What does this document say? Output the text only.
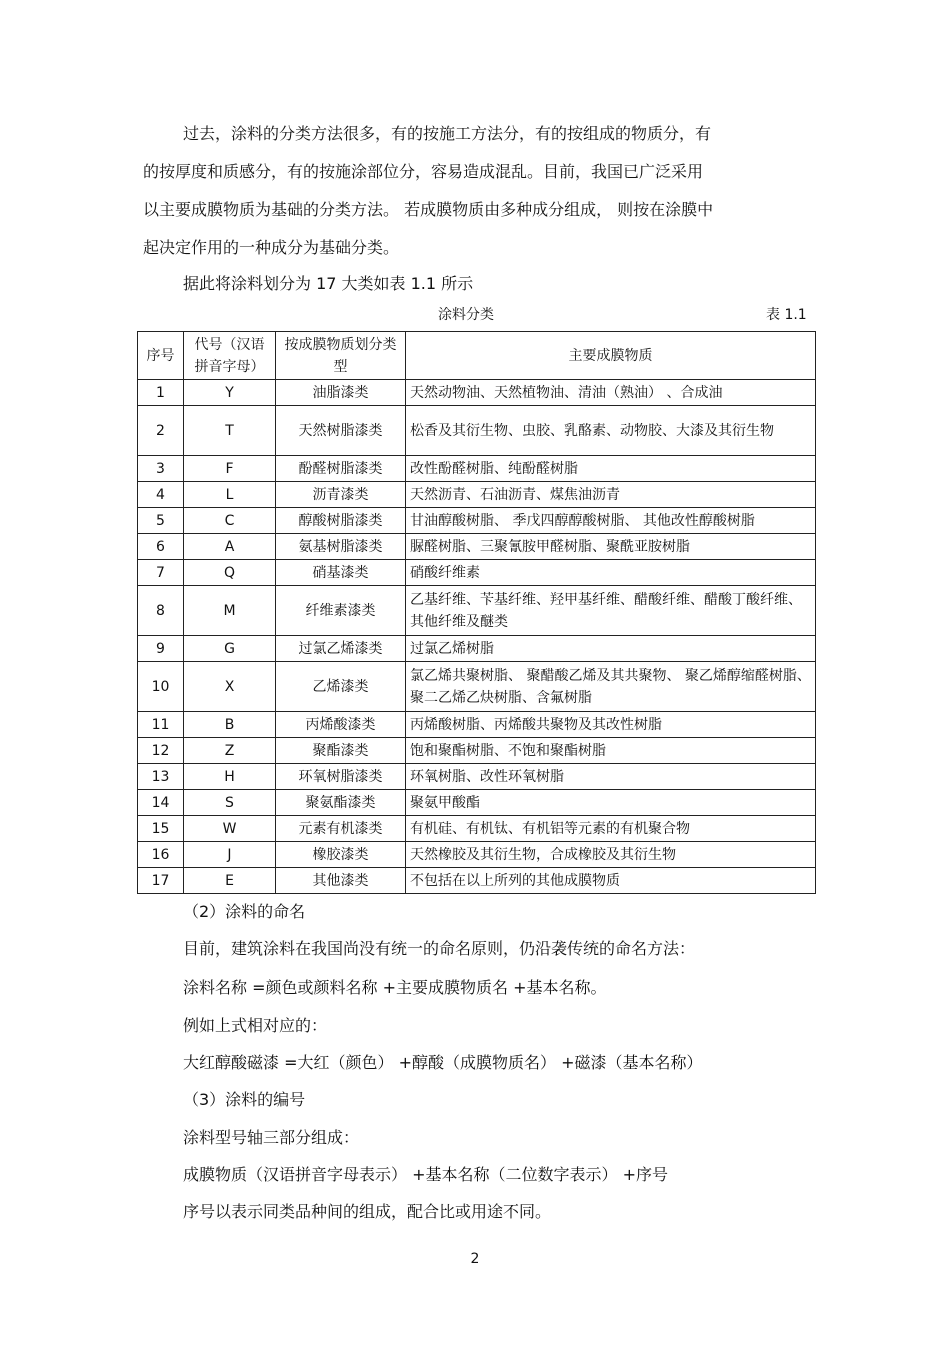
过去，涂料的分类方法很多，有的按施工方法分，有的按组成的物质分，有
的按厚度和质感分，有的按施涂部位分，容易造成混乱。目前，我国已广泛采用
以主要成膜物质为基础的分类方法。 若成膜物质由多种成分组成， 则按在涂膜中
起决定作用的一种成分为基础分类。
据此将涂料划分为 17 大类如表 1.1 所示
涂料分类	表 1.1
序号	代号（汉语拼音字母）	按成膜物质划分类型	主要成膜物质
1	Y	油脂漆类	天然动物油、天然植物油、清油（熟油） 、合成油
2	T	天然树脂漆类	松香及其衍生物、虫胶、乳酪素、动物胶、大漆及其衍生物
3	F	酚醛树脂漆类	改性酚醛树脂、纯酚醛树脂
4	L	沥青漆类	天然沥青、石油沥青、煤焦油沥青
5	C	醇酸树脂漆类	甘油醇酸树脂、 季戊四醇醇酸树脂、 其他改性醇酸树脂
6	A	氨基树脂漆类	脲醛树脂、三聚氰胺甲醛树脂、聚酰亚胺树脂
7	Q	硝基漆类	硝酸纤维素
8	M	纤维素漆类	乙基纤维、苄基纤维、羟甲基纤维、醋酸纤维、醋酸丁酸纤维、其他纤维及醚类
9	G	过氯乙烯漆类	过氯乙烯树脂
10	X	乙烯漆类	氯乙烯共聚树脂、 聚醋酸乙烯及其共聚物、 聚乙烯醇缩醛树脂、聚二乙烯乙炔树脂、含氟树脂
11	B	丙烯酸漆类	丙烯酸树脂、丙烯酸共聚物及其改性树脂
12	Z	聚酯漆类	饱和聚酯树脂、不饱和聚酯树脂
13	H	环氧树脂漆类	环氧树脂、改性环氧树脂
14	S	聚氨酯漆类	聚氨甲酸酯
15	W	元素有机漆类	有机硅、有机钛、有机铝等元素的有机聚合物
16	J	橡胶漆类	天然橡胶及其衍生物，合成橡胶及其衍生物
17	E	其他漆类	不包括在以上所列的其他成膜物质
（2）涂料的命名
目前，建筑涂料在我国尚没有统一的命名原则，仍沿袭传统的命名方法：
涂料名称 =颜色或颜料名称 +主要成膜物质名 +基本名称。
例如上式相对应的：
大红醇酸磁漆 =大红（颜色） +醇酸（成膜物质名） +磁漆（基本名称）
（3）涂料的编号
涂料型号轴三部分组成：
成膜物质（汉语拼音字母表示） +基本名称（二位数字表示） +序号
序号以表示同类品种间的组成，配合比或用途不同。
2
